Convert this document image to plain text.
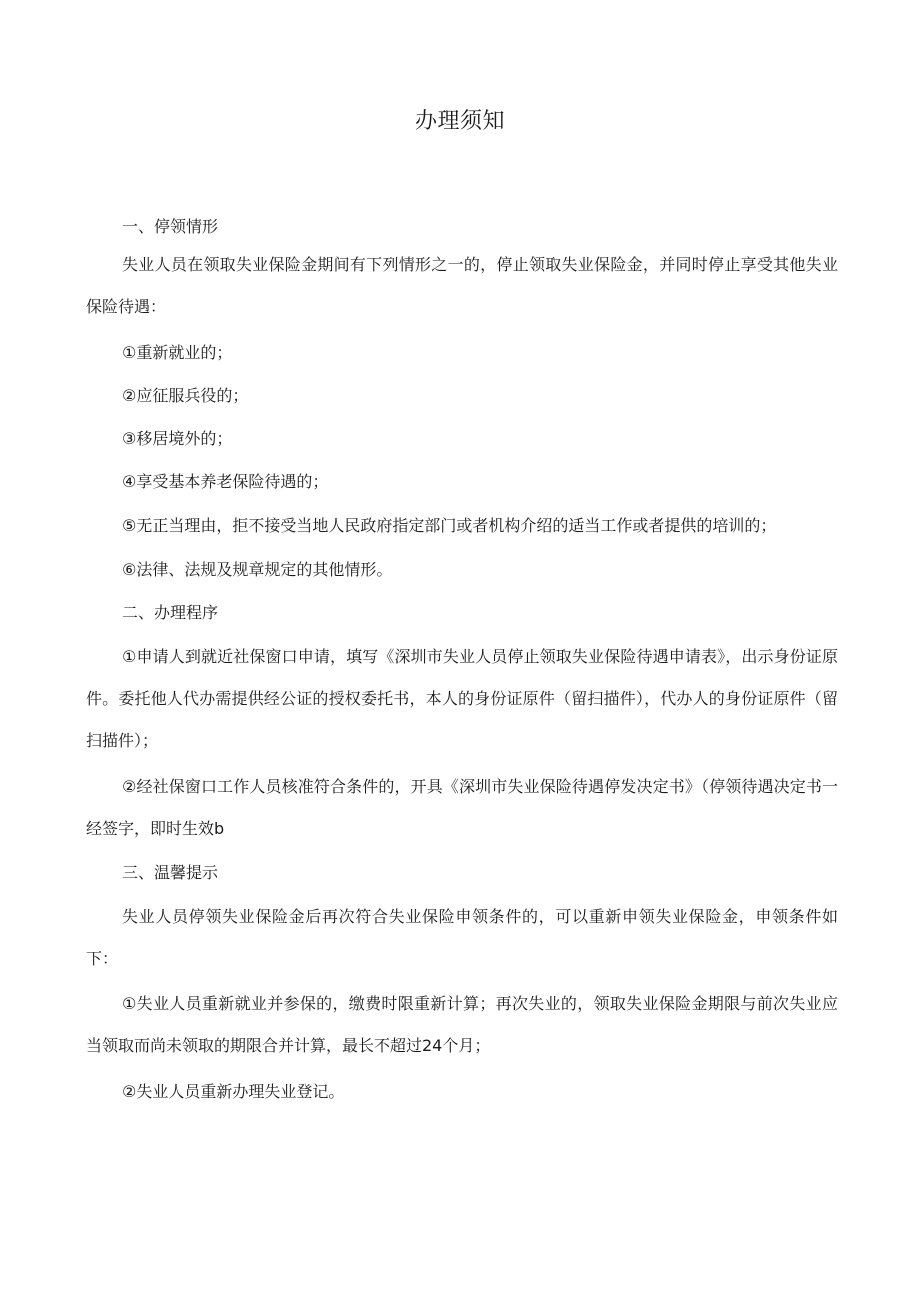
办理须知

一、停领情形

失业人员在领取失业保险金期间有下列情形之一的，停止领取失业保险金，并同时停止享受其他失业保险待遇：

①重新就业的；

②应征服兵役的；

③移居境外的；

④享受基本养老保险待遇的；

⑤无正当理由，拒不接受当地人民政府指定部门或者机构介绍的适当工作或者提供的培训的；

⑥法律、法规及规章规定的其他情形。

二、办理程序

①申请人到就近社保窗口申请，填写《深圳市失业人员停止领取失业保险待遇申请表》，出示身份证原件。委托他人代办需提供经公证的授权委托书，本人的身份证原件（留扫描件），代办人的身份证原件（留扫描件）；

②经社保窗口工作人员核准符合条件的，开具《深圳市失业保险待遇停发决定书》（停领待遇决定书一经签字，即时生效b

三、温馨提示

失业人员停领失业保险金后再次符合失业保险申领条件的，可以重新申领失业保险金，申领条件如下：

①失业人员重新就业并参保的，缴费时限重新计算；再次失业的，领取失业保险金期限与前次失业应当领取而尚未领取的期限合并计算，最长不超过24个月；

②失业人员重新办理失业登记。
